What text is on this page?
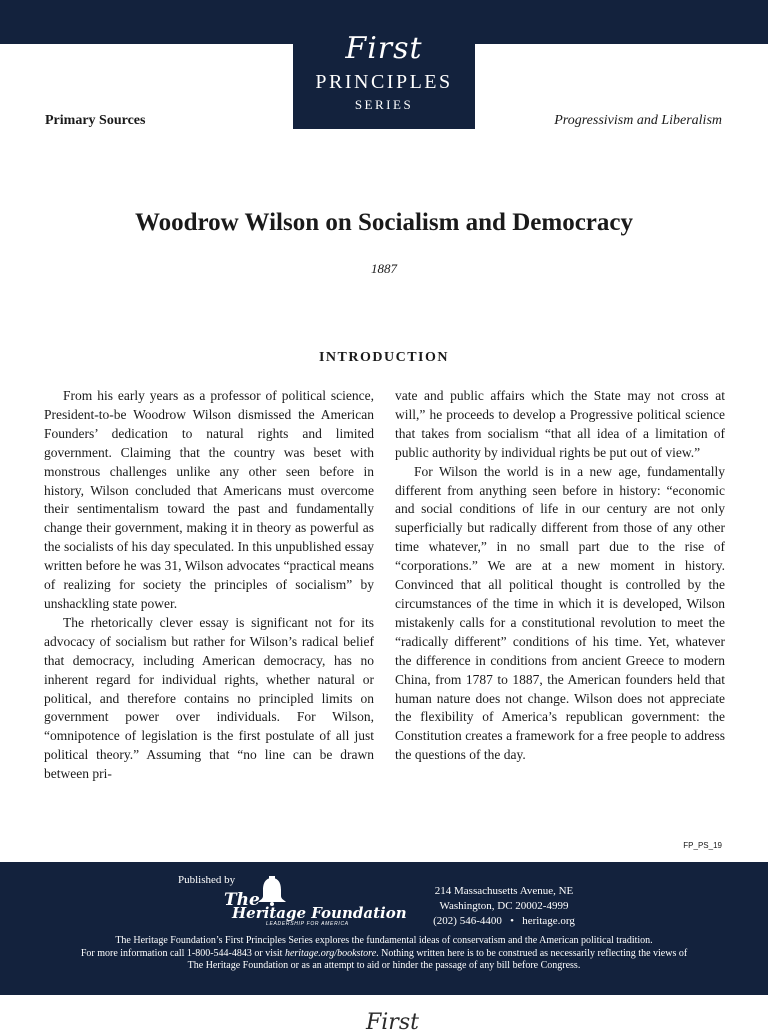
First
PRINCIPLES
SERIES
Primary Sources	Progressivism and Liberalism
Woodrow Wilson on Socialism and Democracy
1887
INTRODUCTION

From his early years as a professor of political science, President-to-be Woodrow Wilson dismissed the American Founders’ dedication to natural rights and limited government. Claiming that the country was beset with monstrous challenges unlike any other seen before in history, Wilson concluded that Americans must overcome their sentimentalism toward the past and fundamentally change their government, making it in theory as powerful as the socialists of his day speculated. In this unpublished essay written before he was 31, Wilson advocates “practical means of realizing for society the principles of socialism” by unshackling state power.

The rhetorically clever essay is significant not for its advocacy of socialism but rather for Wilson’s radical belief that democracy, including American democracy, has no inherent regard for individual rights, whether natural or political, and therefore contains no principled limits on government power over individuals. For Wilson, “omnipotence of legislation is the first postulate of all just political theory.” Assuming that “no line can be drawn between pri-

vate and public affairs which the State may not cross at will,” he proceeds to develop a Progressive political science that takes from socialism “that all idea of a limitation of public authority by individual rights be put out of view.”

For Wilson the world is in a new age, fundamentally different from anything seen before in history: “economic and social conditions of life in our century are not only superficially but radically different from those of any other time whatever,” in no small part due to the rise of “corporations.” We are at a new moment in history. Convinced that all political thought is controlled by the circumstances of the time in which it is developed, Wilson mistakenly calls for a constitutional revolution to meet the “radically different” conditions of his time. Yet, whatever the difference in conditions from ancient Greece to modern China, from 1787 to 1887, the American founders held that human nature does not change. Wilson does not appreciate the flexibility of America’s republican government: the Constitution creates a framework for a free people to address the questions of the day.

FP_PS_19
Published by
The
Heritage Foundation
LEADERSHIP FOR AMERICA
214 Massachusetts Avenue, NE
Washington, DC 20002-4999
(202) 546-4400 • heritage.org
The Heritage Foundation’s First Principles Series explores the fundamental ideas of conservatism and the American political tradition.
For more information call 1-800-544-4843 or visit heritage.org/bookstore. Nothing written here is to be construed as necessarily reflecting the views of
The Heritage Foundation or as an attempt to aid or hinder the passage of any bill before Congress.
First
